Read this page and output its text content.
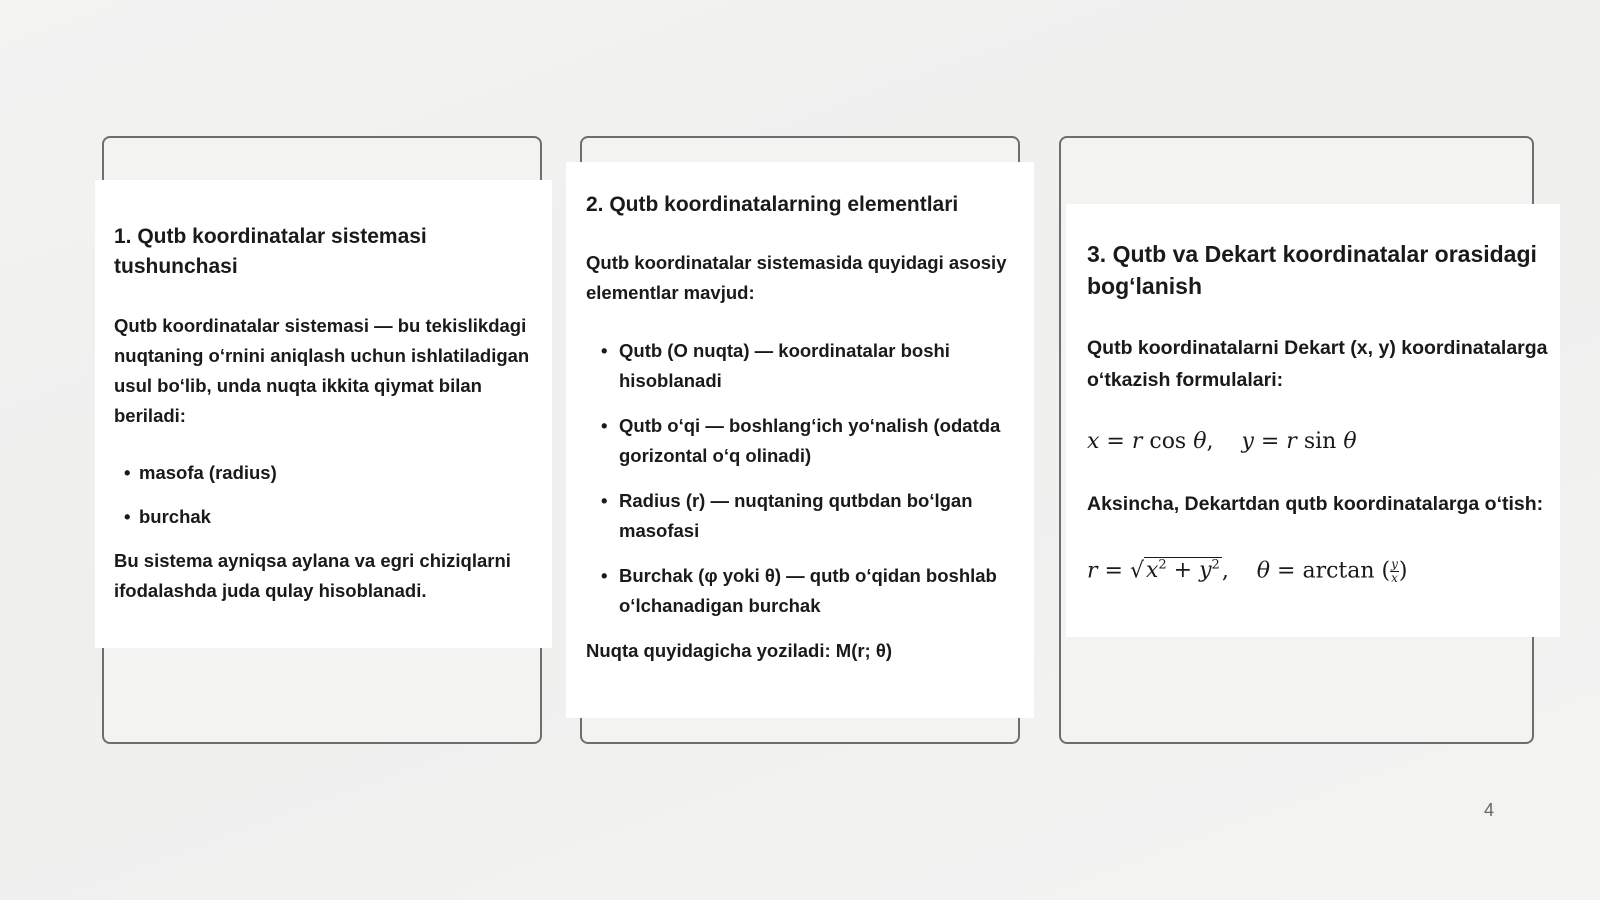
1. Qutb koordinatalar sistemasi tushunchasi

Qutb koordinatalar sistemasi — bu tekislikdagi nuqtaning o‘rnini aniqlash uchun ishlatiladigan usul bo‘lib, unda nuqta ikkita qiymat bilan beriladi:

• masofa (radius)
• burchak

Bu sistema ayniqsa aylana va egri chiziqlarni ifodalashda juda qulay hisoblanadi.

2. Qutb koordinatalarning elementlari

Qutb koordinatalar sistemasida quyidagi asosiy elementlar mavjud:

• Qutb (O nuqta) — koordinatalar boshi hisoblanadi
• Qutb o‘qi — boshlang‘ich yo‘nalish (odatda gorizontal o‘q olinadi)
• Radius (r) — nuqtaning qutbdan bo‘lgan masofasi
• Burchak (φ yoki θ) — qutb o‘qidan boshlab o‘lchanadigan burchak

Nuqta quyidagicha yoziladi: M(r; θ)

3. Qutb va Dekart koordinatalar orasidagi bog‘lanish

Qutb koordinatalarni Dekart (x, y) koordinatalarga o‘tkazish formulalari:

x = r cos θ,    y = r sin θ

Aksincha, Dekartdan qutb koordinatalarga o‘tish:

$r = √x^2 + y^2$,    θ = arctan ( $\frac{y}{x}$ )
4
